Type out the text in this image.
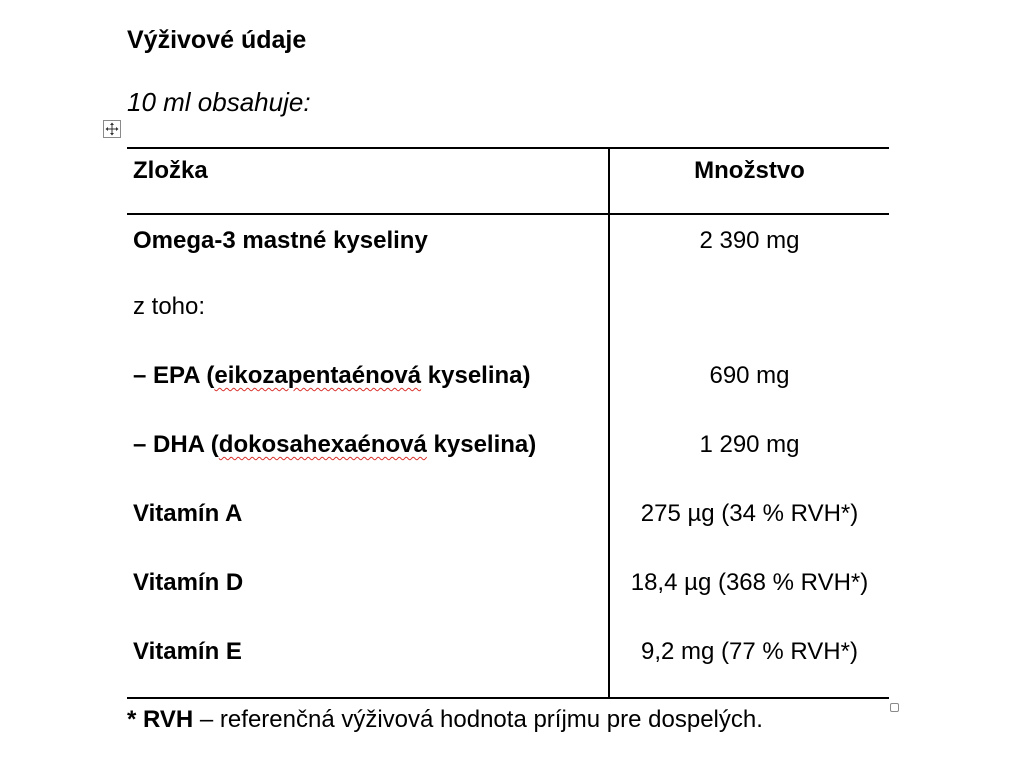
Výživové údaje

10 ml obsahuje:

Zložka	Množstvo
Omega-3 mastné kyseliny	2 390 mg
z toho:	
– EPA (eikozapentaénová kyselina)	690 mg
– DHA (dokosahexaénová kyselina)	1 290 mg
Vitamín A	275 µg (34 % RVH*)
Vitamín D	18,4 µg (368 % RVH*)
Vitamín E	9,2 mg (77 % RVH*)

* RVH – referenčná výživová hodnota príjmu pre dospelých.
